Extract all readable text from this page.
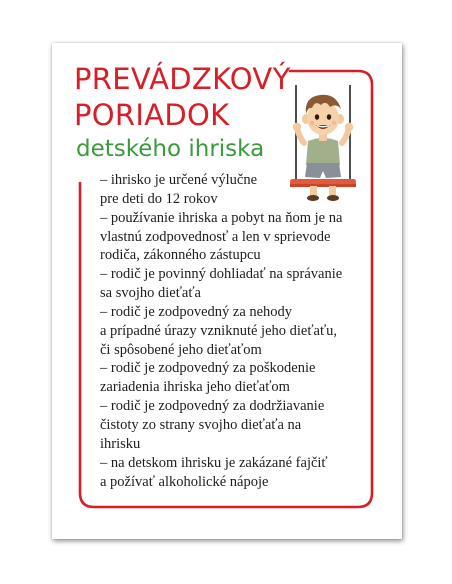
PREVÁDZKOVÝ
PORIADOK
detského ihriska
– ihrisko je určené výlučne
pre deti do 12 rokov
– používanie ihriska a pobyt na ňom je na
vlastnú zodpovednosť a len v sprievode
rodiča, zákonného zástupcu
– rodič je povinný dohliadať na správanie
sa svojho dieťaťa
– rodič je zodpovedný za nehody
a prípadné úrazy vzniknuté jeho dieťaťu,
či spôsobené jeho dieťaťom
– rodič je zodpovedný za poškodenie
zariadenia ihriska jeho dieťaťom
– rodič je zodpovedný za dodržiavanie
čistoty zo strany svojho dieťaťa na
ihrisku
– na detskom ihrisku je zakázané fajčiť
a požívať alkoholické nápoje
